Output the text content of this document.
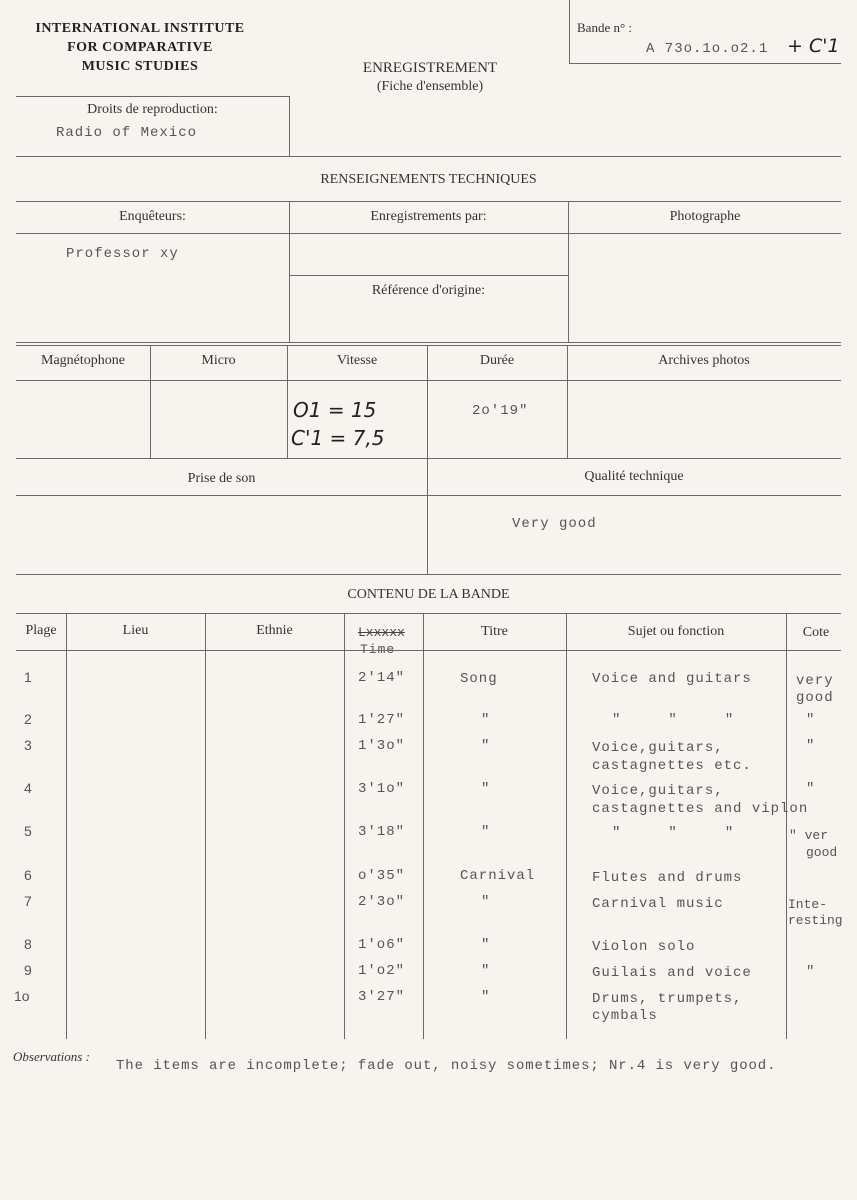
INTERNATIONAL INSTITUTE
FOR COMPARATIVE
MUSIC STUDIES	ENREGISTREMENT
(Fiche d'ensemble)
Bande n° :
A 73o.1o.o2.1 + C'1
Droits de reproduction:
Radio of Mexico
RENSEIGNEMENTS TECHNIQUES
Enquêteurs:	Enregistrements par:	Photographe
Professor xy
Référence d'origine:
Magnétophone	Micro	Vitesse	Durée	Archives photos
O1 = 15
C'1 = 7,5
2o'19"
Prise de son	Qualité technique
Very good
CONTENU DE LA BANDE
Plage	Lieu	Ethnie	Lxxxxx
Time
Titre	Sujet ou fonction	Cote
1	2'14"	Song	Voice and guitars	very
good
2	1'27"	"	"     "     "	"
3	1'3o"	"	Voice,guitars,
castagnettes etc.
"
4	3'1o"	"	Voice,guitars,
castagnettes and viplon
"
5	3'18"	"	"     "     "	" ver
good
6	o'35"	Carnival	Flutes and drums
7	2'3o"	"	Carnival music	Inte-
resting
8	1'o6"	"	Violon solo
9	1'o2"	"	Guilais and voice	"
1o	3'27"	"	Drums, trumpets,
cymbals
Observations :
The items are incomplete; fade out, noisy sometimes; Nr.4 is very good.
